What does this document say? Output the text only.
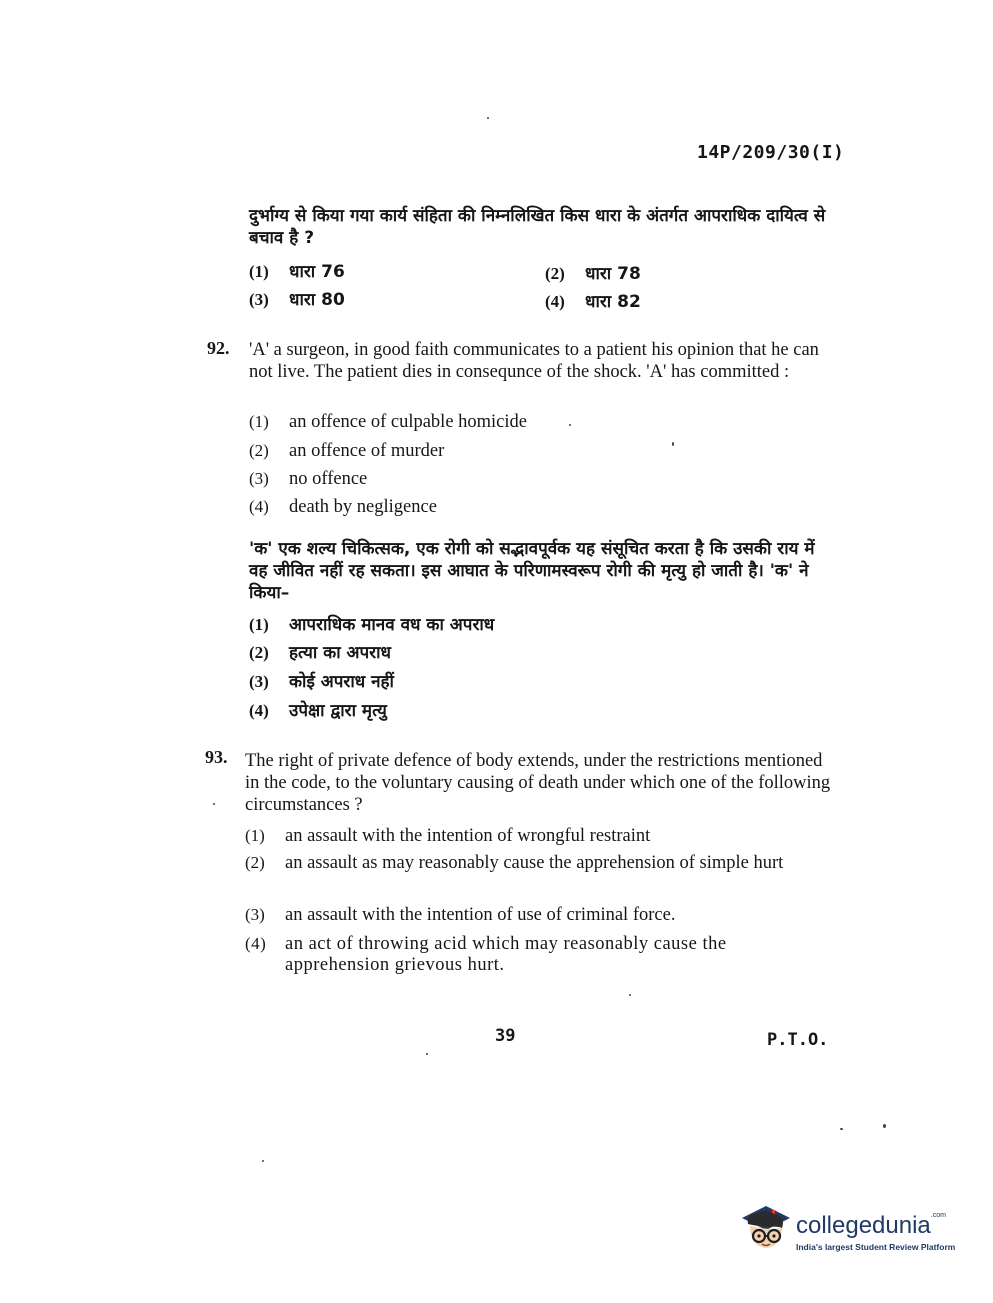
14P/209/30(I)
दुर्भाग्य से किया गया कार्य संहिता की निम्नलिखित किस धारा के अंतर्गत आपराधिक दायित्व से बचाव है ?
(1) धारा 76	(2) धारा 78
(3) धारा 80	(4) धारा 82
92. 'A' a surgeon, in good faith communicates to a patient his opinion that he can not live. The patient dies in consequnce of the shock. 'A' has committed :
(1) an offence of culpable homicide
(2) an offence of murder
(3) no offence
(4) death by negligence
'क' एक शल्य चिकित्सक, एक रोगी को सद्भावपूर्वक यह संसूचित करता है कि उसकी राय में वह जीवित नहीं रह सकता। इस आघात के परिणामस्वरूप रोगी की मृत्यु हो जाती है। 'क' ने किया–
(1) आपराधिक मानव वध का अपराध
(2) हत्या का अपराध
(3) कोई अपराध नहीं
(4) उपेक्षा द्वारा मृत्यु
93. The right of private defence of body extends, under the restrictions mentioned in the code, to the voluntary causing of death under which one of the following circumstances ?
(1) an assault with the intention of wrongful restraint
(2) an assault as may reasonably cause the apprehension of simple hurt
(3) an assault with the intention of use of criminal force.
(4) an act of throwing acid which may reasonably cause the apprehension grievous hurt.
39	P.T.O.
collegedunia$^{.com}$
India's largest Student Review Platform
